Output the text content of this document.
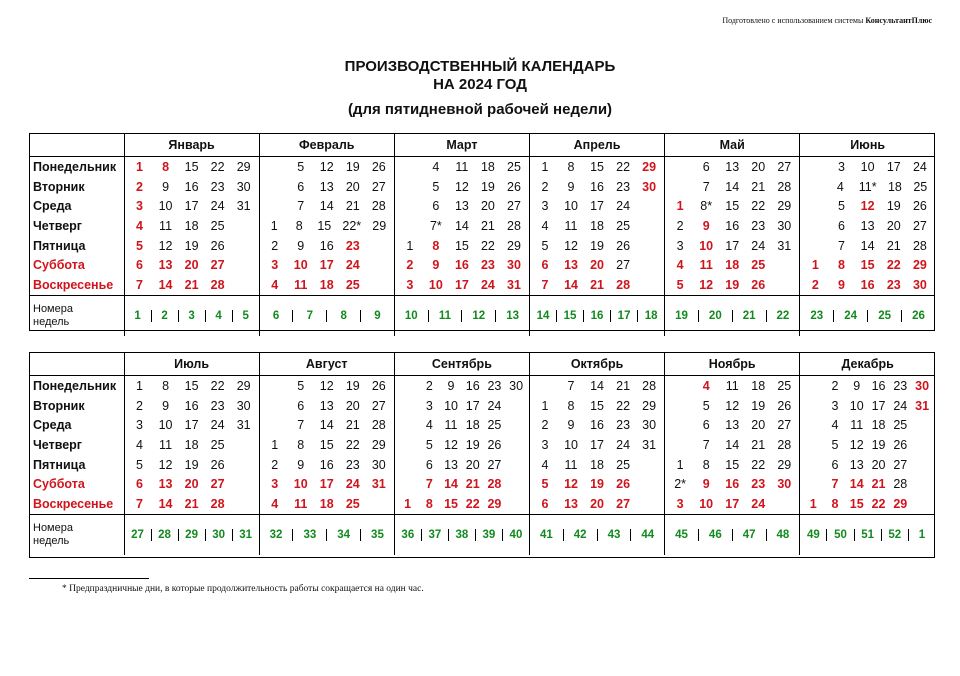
Подготовлено с использованием системы КонсультантПлюс
ПРОИЗВОДСТВЕННЫЙ КАЛЕНДАРЬ
НА 2024 ГОД
(для пятидневной рабочей недели)
	Январь	Февраль	Март	Апрель	Май	Июнь
Понедельник	1 8 15 22 29	5 12 19 26	4 11 18 25	1 8 15 22 29	6 13 20 27	3 10 17 24

Вторник	2 9 16 23 30	6 13 20 27	5 12 19 26	2 9 16 23 30	7 14 21 28	4 11* 18 25

Среда	3 10 17 24 31	7 14 21 28	6 13 20 27	3 10 17 24	1 8* 15 22 29	5 12 19 26

Четверг	4 11 18 25	1 8 15 22* 29	7* 14 21 28	4 11 18 25	2 9 16 23 30	6 13 20 27

Пятница	5 12 19 26	2 9 16 23	1 8 15 22 29	5 12 19 26	3 10 17 24 31	7 14 21 28

Суббота	6 13 20 27	3 10 17 24	2 9 16 23 30	6 13 20 27	4 11 18 25	1 8 15 22 29

Воскресенье	7 14 21 28	4 11 18 25	3 10 17 24 31	7 14 21 28	5 12 19 26	2 9 16 23 30

Номера
недель	1 2 3 4 5	6 7 8 9	10 11 12 13	14 15 16 17 18	19 20 21 22	23 24 25 26
	Июль	Август	Сентябрь	Октябрь	Ноябрь	Декабрь
Понедельник	1 8 15 22 29	5 12 19 26	2 9 16 23 30	7 14 21 28	4 11 18 25	2 9 16 23 30

Вторник	2 9 16 23 30	6 13 20 27	3 10 17 24	1 8 15 22 29	5 12 19 26	3 10 17 24 31

Среда	3 10 17 24 31	7 14 21 28	4 11 18 25	2 9 16 23 30	6 13 20 27	4 11 18 25

Четверг	4 11 18 25	1 8 15 22 29	5 12 19 26	3 10 17 24 31	7 14 21 28	5 12 19 26

Пятница	5 12 19 26	2 9 16 23 30	6 13 20 27	4 11 18 25	1 8 15 22 29	6 13 20 27

Суббота	6 13 20 27	3 10 17 24 31	7 14 21 28	5 12 19 26	2* 9 16 23 30	7 14 21 28

Воскресенье	7 14 21 28	4 11 18 25	1 8 15 22 29	6 13 20 27	3 10 17 24	1 8 15 22 29

Номера
недель	27 28 29 30 31	32 33 34 35	36 37 38 39 40	41 42 43 44	45 46 47 48	49 50 51 52 1
* Предпраздничные дни, в которые продолжительность работы сокращается на один час.
